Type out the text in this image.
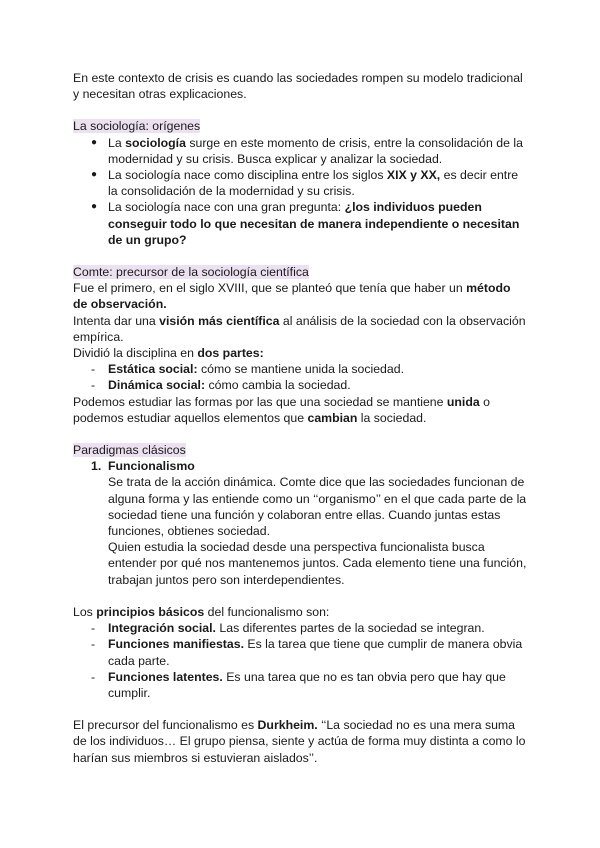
En este contexto de crisis es cuando las sociedades rompen su modelo tradicional y necesitan otras explicaciones.

La sociología: orígenes

● La sociología surge en este momento de crisis, entre la consolidación de la modernidad y su crisis. Busca explicar y analizar la sociedad.
● La sociología nace como disciplina entre los siglos XIX y XX, es decir entre la consolidación de la modernidad y su crisis.
● La sociología nace con una gran pregunta: ¿los individuos pueden conseguir todo lo que necesitan de manera independiente o necesitan de un grupo?

Comte: precursor de la sociología científica

Fue el primero, en el siglo XVIII, que se planteó que tenía que haber un método de observación.

Intenta dar una visión más científica al análisis de la sociedad con la observación empírica.

Dividió la disciplina en dos partes:

- Estática social: cómo se mantiene unida la sociedad.
- Dinámica social: cómo cambia la sociedad.

Podemos estudiar las formas por las que una sociedad se mantiene unida o podemos estudiar aquellos elementos que cambian la sociedad.

Paradigmas clásicos

1. Funcionalismo

Se trata de la acción dinámica. Comte dice que las sociedades funcionan de alguna forma y las entiende como un ‘‘organismo’’ en el que cada parte de la sociedad tiene una función y colaboran entre ellas. Cuando juntas estas funciones, obtienes sociedad.

Quien estudia la sociedad desde una perspectiva funcionalista busca entender por qué nos mantenemos juntos. Cada elemento tiene una función, trabajan juntos pero son interdependientes.

Los principios básicos del funcionalismo son:

- Integración social. Las diferentes partes de la sociedad se integran.
- Funciones manifiestas. Es la tarea que tiene que cumplir de manera obvia cada parte.
- Funciones latentes. Es una tarea que no es tan obvia pero que hay que cumplir.

El precursor del funcionalismo es Durkheim. ‘‘La sociedad no es una mera suma de los individuos… El grupo piensa, siente y actúa de forma muy distinta a como lo harían sus miembros si estuvieran aislados’’.
